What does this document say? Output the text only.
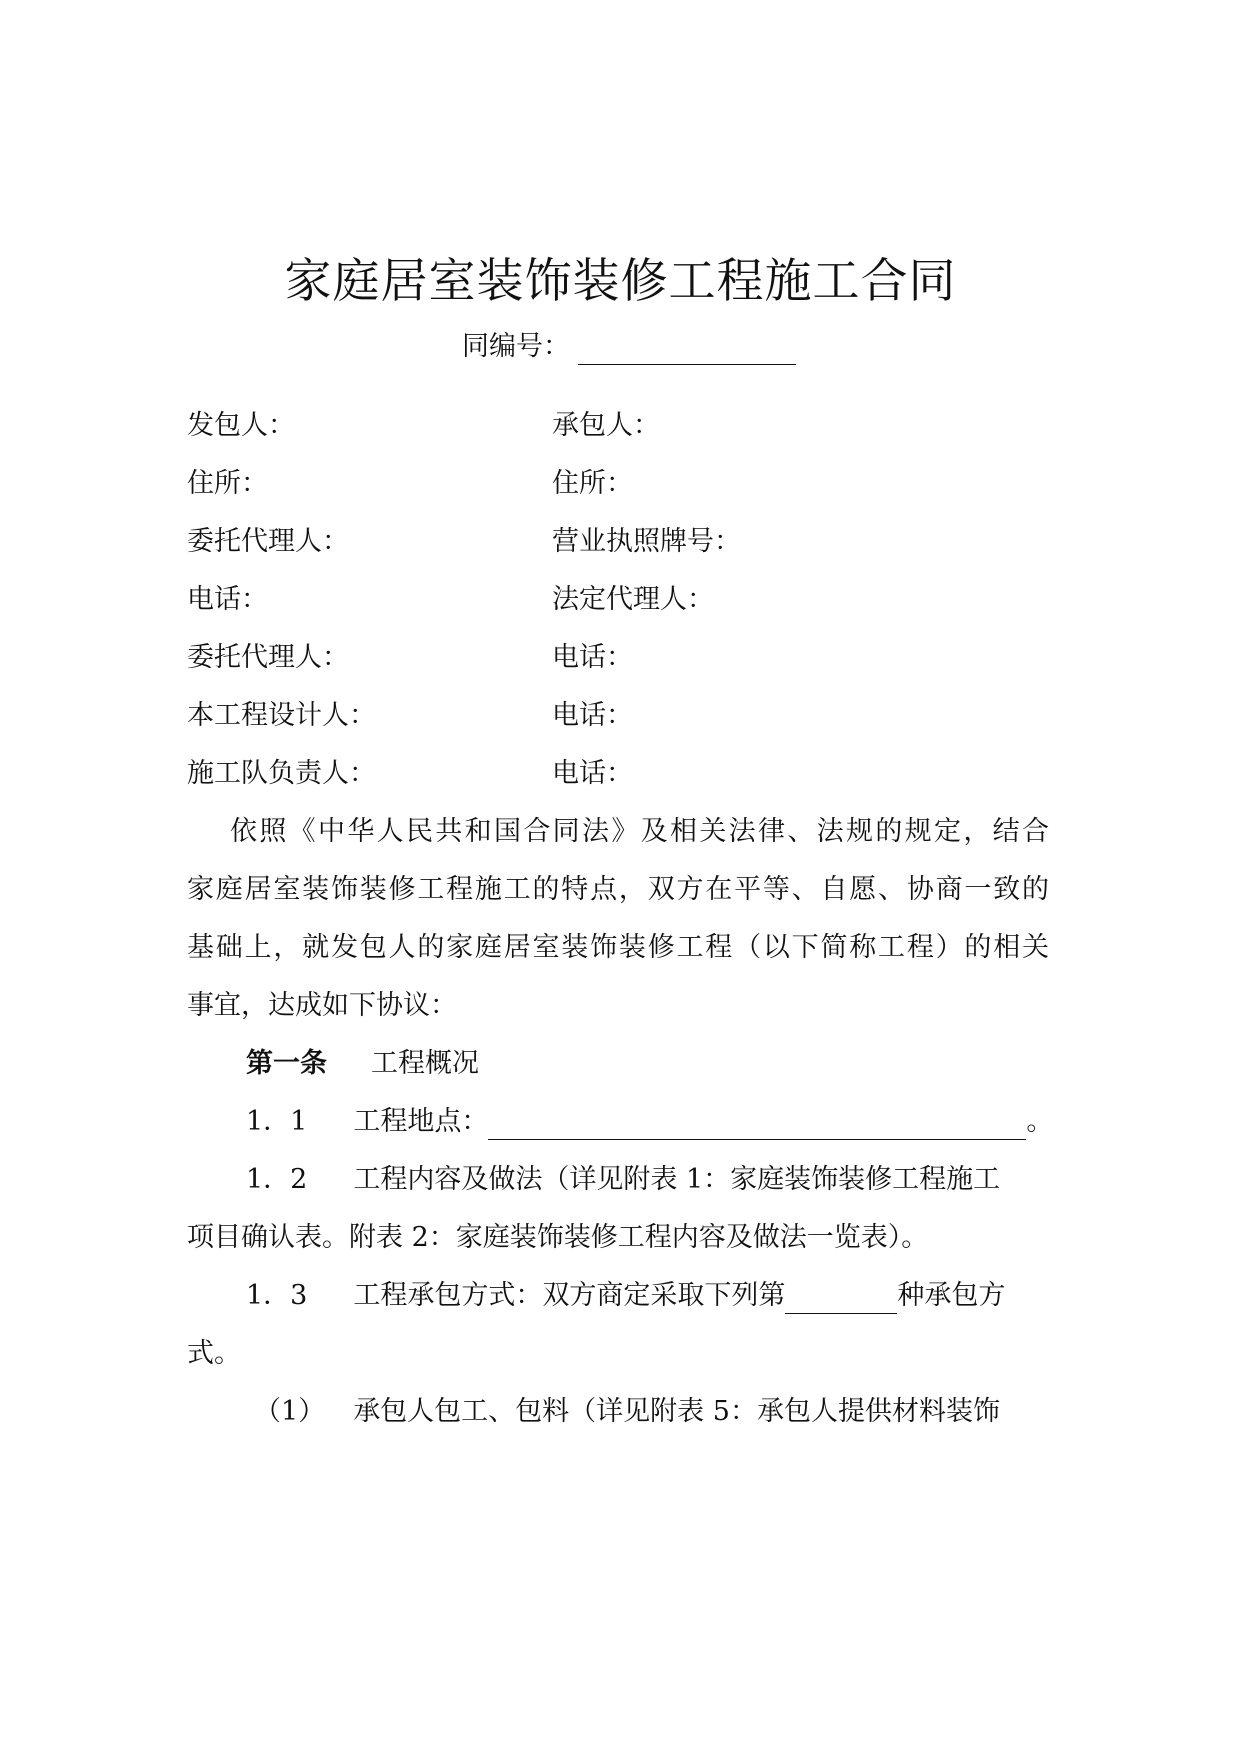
家庭居室装饰装修工程施工合同
同编号：
发包人：	承包人：
住所：	住所：
委托代理人：	营业执照牌号：
电话：	法定代理人：
委托代理人：	电话：
本工程设计人：	电话：
施工队负责人：	电话：
依照《中华人民共和国合同法》及相关法律、法规的规定，结合
家庭居室装饰装修工程施工的特点，双方在平等、自愿、协商一致的
基础上，就发包人的家庭居室装饰装修工程（以下简称工程）的相关
事宜，达成如下协议：
第一条 工程概况
1．1 工程地点：	。
1．2 工程内容及做法（详见附表 1：家庭装饰装修工程施工
项目确认表。附表 2：家庭装饰装修工程内容及做法一览表）。
1．3 工程承包方式：双方商定采取下列第	种承包方
式。
（1） 承包人包工、包料（详见附表 5：承包人提供材料装饰
